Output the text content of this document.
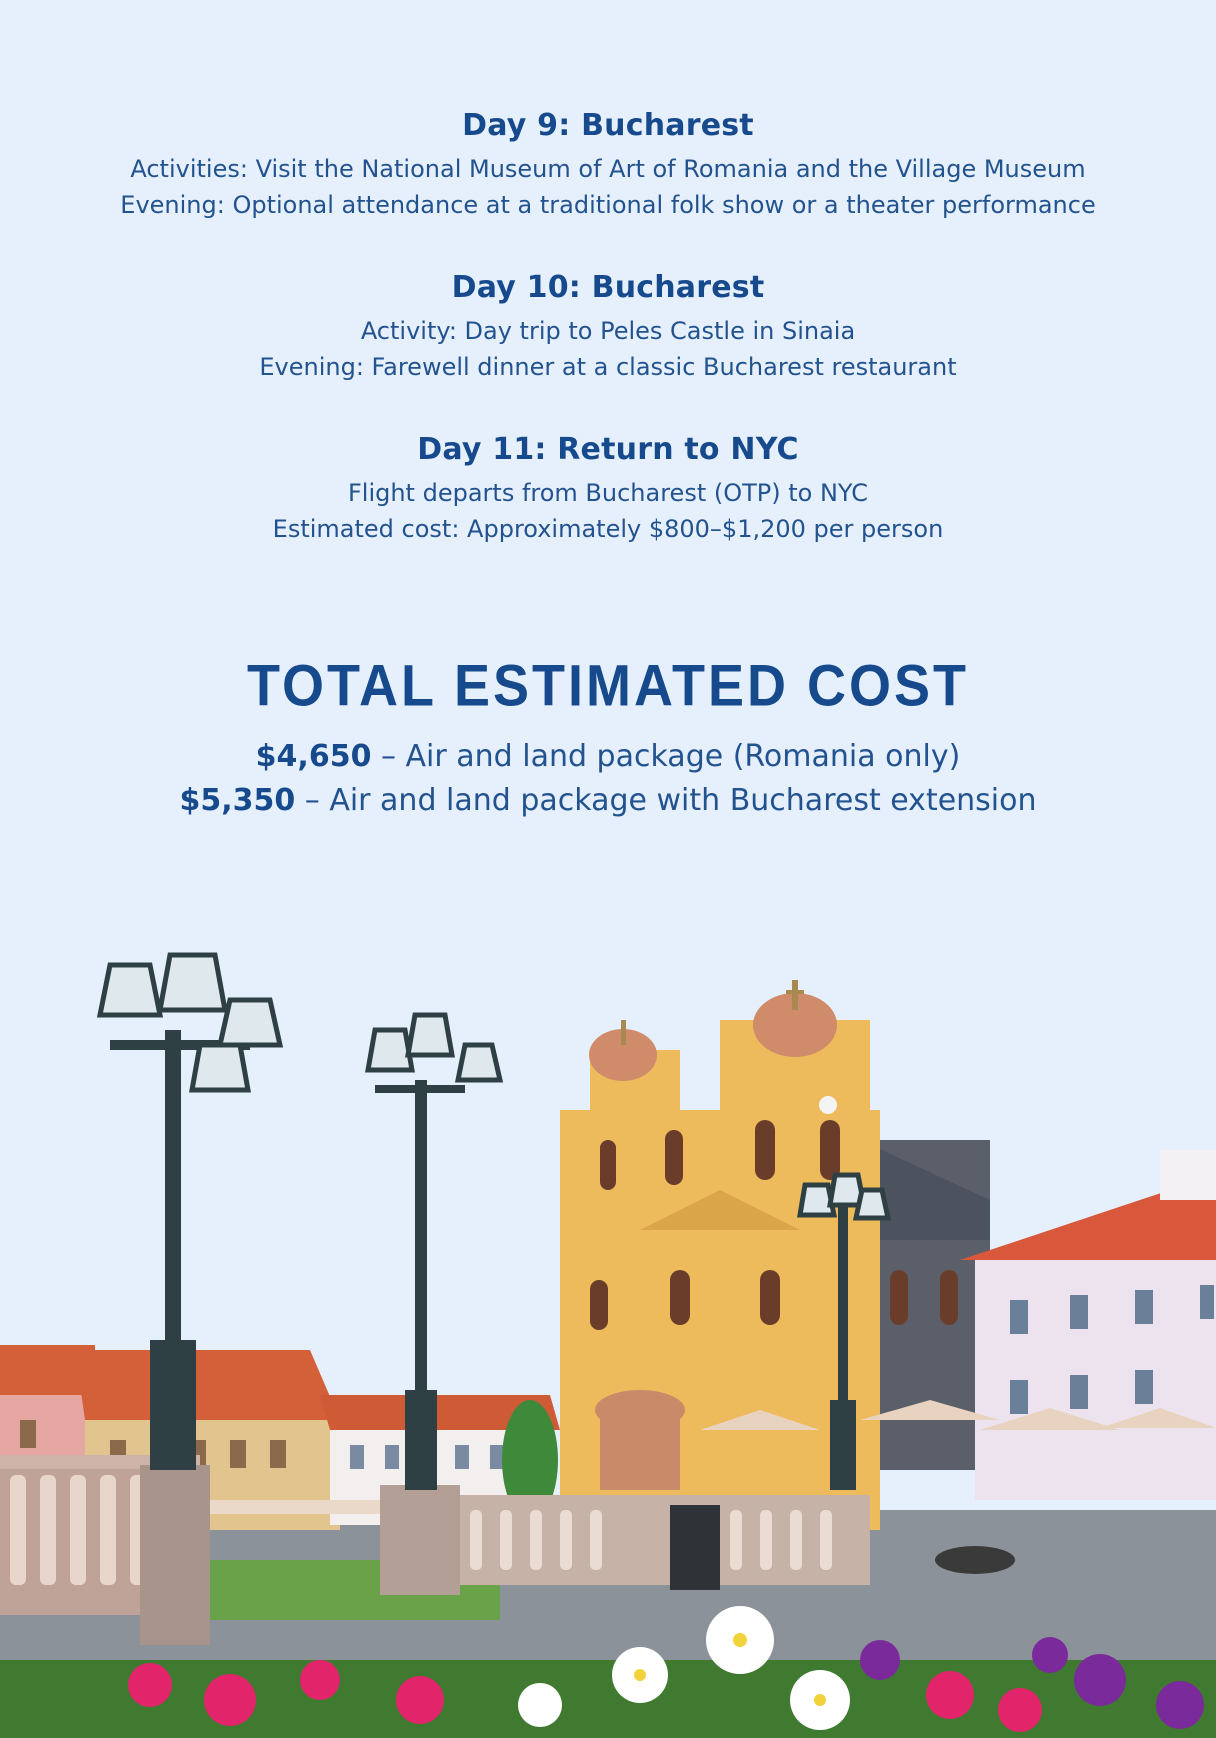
Day 9: Bucharest

Activities: Visit the National Museum of Art of Romania and the Village Museum

Evening: Optional attendance at a traditional folk show or a theater performance

Day 10: Bucharest

Activity: Day trip to Peles Castle in Sinaia

Evening: Farewell dinner at a classic Bucharest restaurant

Day 11: Return to NYC

Flight departs from Bucharest (OTP) to NYC

Estimated cost: Approximately $800–$1,200 per person

TOTAL ESTIMATED COST

$4,650 – Air and land package (Romania only)

$5,350 – Air and land package with Bucharest extension
